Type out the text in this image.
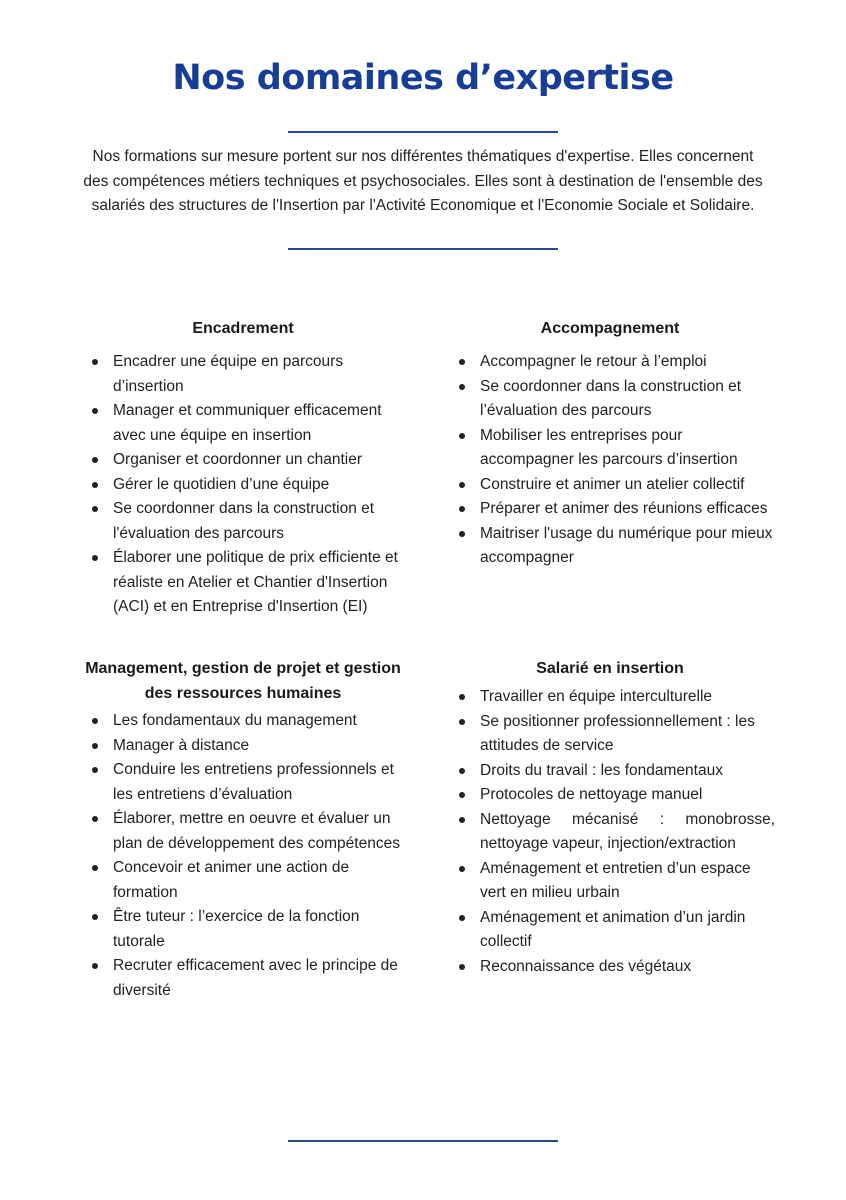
Nos domaines d’expertise

Nos formations sur mesure portent sur nos différentes thématiques d'expertise. Elles concernent des compétences métiers techniques et psychosociales. Elles sont à destination de l'ensemble des salariés des structures de l'Insertion par l'Activité Economique et l'Economie Sociale et Solidaire.

Encadrement
Encadrer une équipe en parcours d’insertion
Manager et communiquer efficacement avec une équipe en insertion
Organiser et coordonner un chantier
Gérer le quotidien d’une équipe
Se coordonner dans la construction et l'évaluation des parcours
Élaborer une politique de prix efficiente et réaliste en Atelier et Chantier d'Insertion (ACI) et en Entreprise d'Insertion (EI)
Accompagnement
Accompagner le retour à l’emploi
Se coordonner dans la construction et l’évaluation des parcours
Mobiliser les entreprises pour accompagner les parcours d’insertion
Construire et animer un atelier collectif
Préparer et animer des réunions efficaces
Maitriser l'usage du numérique pour mieux accompagner
Management, gestion de projet et gestion des ressources humaines
Les fondamentaux du management
Manager à distance
Conduire les entretiens professionnels et les entretiens d’évaluation
Élaborer, mettre en oeuvre et évaluer un plan de développement des compétences
Concevoir et animer une action de formation
Être tuteur : l’exercice de la fonction tutorale
Recruter efficacement avec le principe de diversité
Salarié en insertion
Travailler en équipe interculturelle
Se positionner professionnellement : les attitudes de service
Droits du travail : les fondamentaux
Protocoles de nettoyage manuel
Nettoyage mécanisé : monobrosse, nettoyage vapeur, injection/extraction
Aménagement et entretien d’un espace vert en milieu urbain
Aménagement et animation d’un jardin collectif
Reconnaissance des végétaux
